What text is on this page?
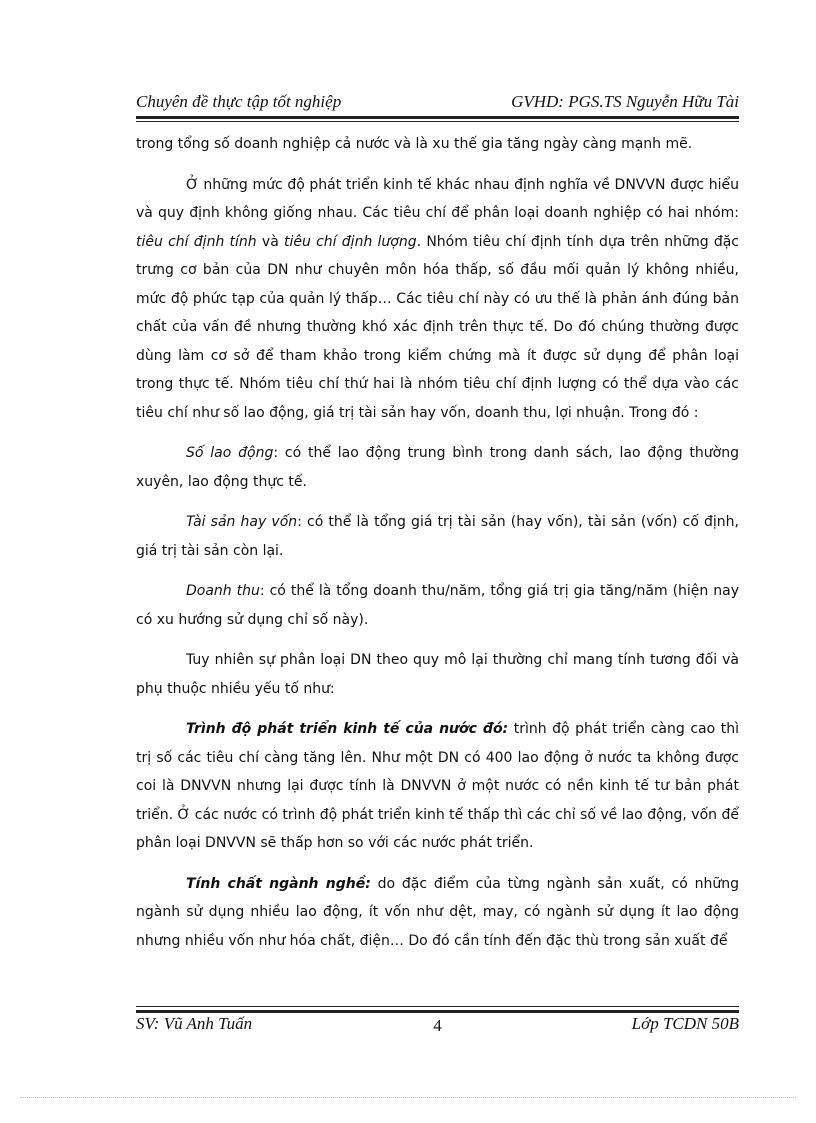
Chuyên đề thực tập tốt nghiệp	GVHD: PGS.TS Nguyễn Hữu Tài

trong tổng số doanh nghiệp cả nước và là xu thế gia tăng ngày càng mạnh mẽ.

Ở những mức độ phát triển kinh tế khác nhau định nghĩa về DNVVN được hiểu và quy định không giống nhau. Các tiêu chí để phân loại doanh nghiệp có hai nhóm: tiêu chí định tính và tiêu chí định lượng. Nhóm tiêu chí định tính dựa trên những đặc trưng cơ bản của DN như chuyên môn hóa thấp, số đầu mối quản lý không nhiều, mức độ phức tạp của quản lý thấp… Các tiêu chí này có ưu thế là phản ánh đúng bản chất của vấn đề nhưng thường khó xác định trên thực tế. Do đó chúng thường được dùng làm cơ sở để tham khảo trong kiểm chứng mà ít được sử dụng để phân loại trong thực tế. Nhóm tiêu chí thứ hai là nhóm tiêu chí định lượng có thể dựa vào các tiêu chí như số lao động, giá trị tài sản hay vốn, doanh thu, lợi nhuận. Trong đó :

Số lao động: có thể lao động trung bình trong danh sách, lao động thường xuyên, lao động thực tế.

Tài sản hay vốn: có thể là tổng giá trị tài sản (hay vốn), tài sản (vốn) cố định, giá trị tài sản còn lại.

Doanh thu: có thể là tổng doanh thu/năm, tổng giá trị gia tăng/năm (hiện nay có xu hướng sử dụng chỉ số này).

Tuy nhiên sự phân loại DN theo quy mô lại thường chỉ mang tính tương đối và phụ thuộc nhiều yếu tố như:

Trình độ phát triển kinh tế của nước đó: trình độ phát triển càng cao thì trị số các tiêu chí càng tăng lên. Như một DN có 400 lao động ở nước ta không được coi là DNVVN nhưng lại được tính là DNVVN ở một nước có nền kinh tế tư bản phát triển. Ở các nước có trình độ phát triển kinh tế thấp thì các chỉ số về lao động, vốn để phân loại DNVVN sẽ thấp hơn so với các nước phát triển.

Tính chất ngành nghề: do đặc điểm của từng ngành sản xuất, có những ngành sử dụng nhiều lao động, ít vốn như dệt, may, có ngành sử dụng ít lao động nhưng nhiều vốn như hóa chất, điện… Do đó cần tính đến đặc thù trong sản xuất để

SV: Vũ Anh Tuấn	4	Lớp TCDN 50B
